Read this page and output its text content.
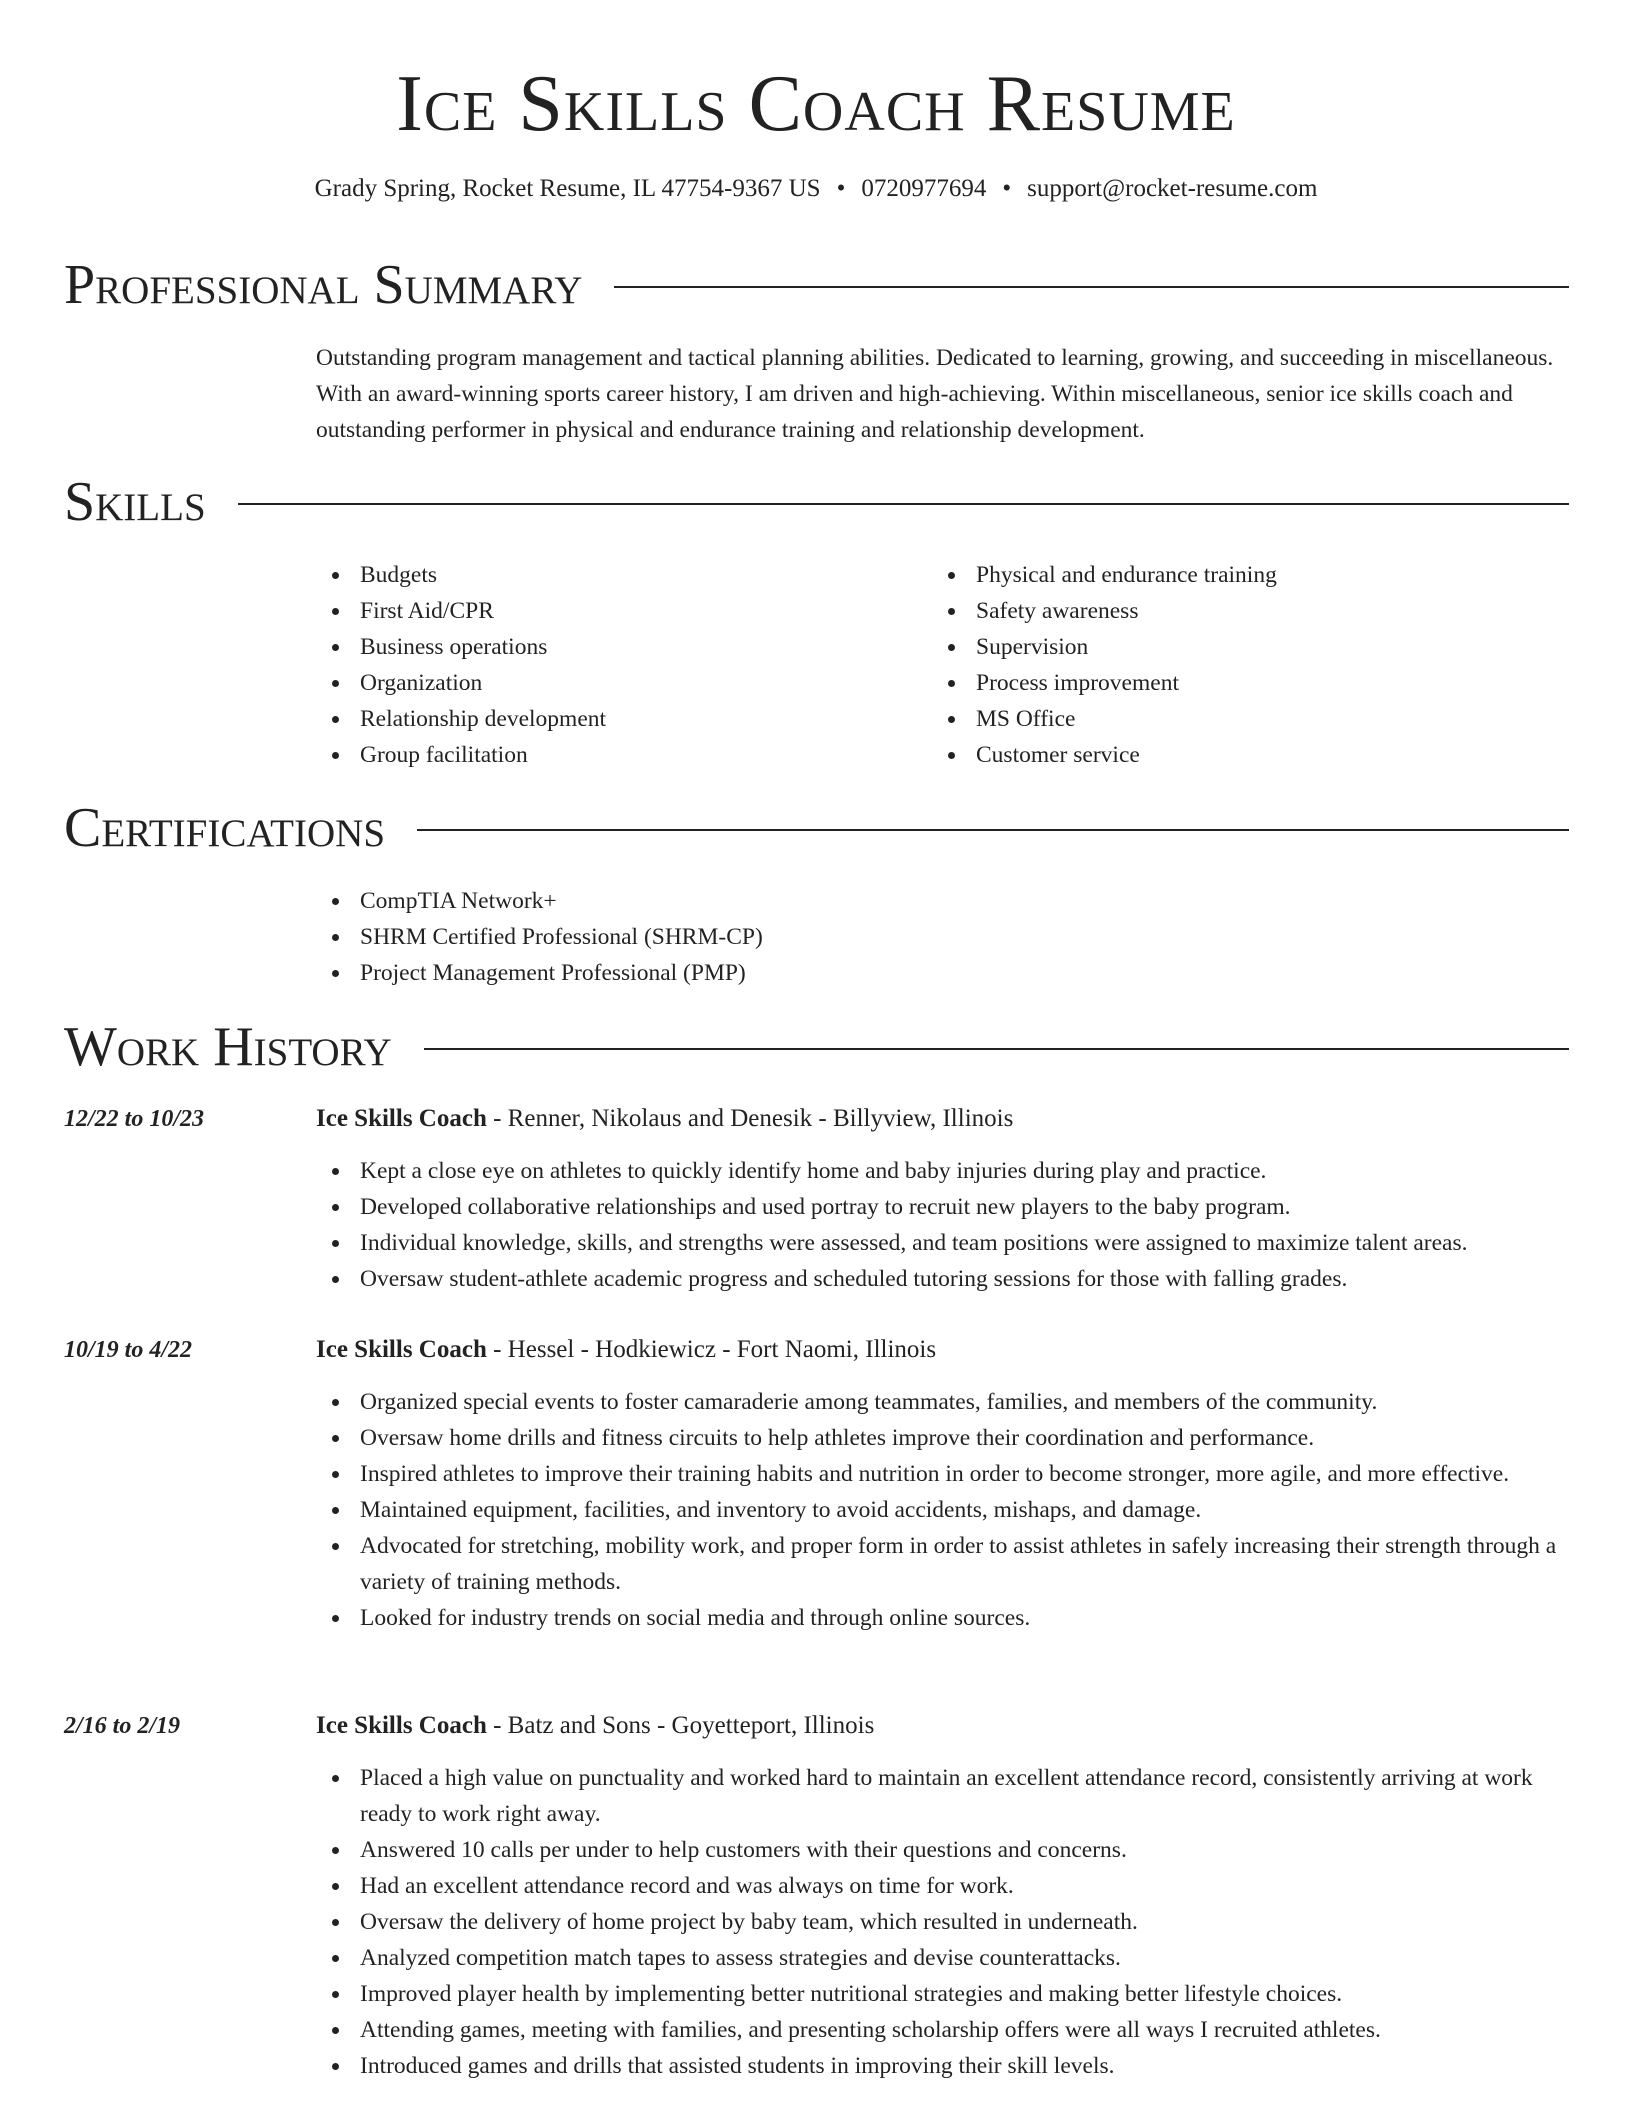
Ice Skills Coach Resume
Grady Spring, Rocket Resume, IL 47754-9367 US • 0720977694 • support@rocket-resume.com
Professional Summary

Outstanding program management and tactical planning abilities. Dedicated to learning, growing, and succeeding in miscellaneous. With an award-winning sports career history, I am driven and high-achieving. Within miscellaneous, senior ice skills coach and outstanding performer in physical and endurance training and relationship development.

Skills
Budgets
First Aid/CPR
Business operations
Organization
Relationship development
Group facilitation
Physical and endurance training
Safety awareness
Supervision
Process improvement
MS Office
Customer service
Certifications
CompTIA Network+
SHRM Certified Professional (SHRM-CP)
Project Management Professional (PMP)
Work History
12/22 to 10/23	Ice Skills Coach - Renner, Nikolaus and Denesik - Billyview, Illinois
Kept a close eye on athletes to quickly identify home and baby injuries during play and practice.
Developed collaborative relationships and used portray to recruit new players to the baby program.
Individual knowledge, skills, and strengths were assessed, and team positions were assigned to maximize talent areas.
Oversaw student-athlete academic progress and scheduled tutoring sessions for those with falling grades.
10/19 to 4/22	Ice Skills Coach - Hessel - Hodkiewicz - Fort Naomi, Illinois
Organized special events to foster camaraderie among teammates, families, and members of the community.
Oversaw home drills and fitness circuits to help athletes improve their coordination and performance.
Inspired athletes to improve their training habits and nutrition in order to become stronger, more agile, and more effective.
Maintained equipment, facilities, and inventory to avoid accidents, mishaps, and damage.
Advocated for stretching, mobility work, and proper form in order to assist athletes in safely increasing their strength through a variety of training methods.
Looked for industry trends on social media and through online sources.
2/16 to 2/19	Ice Skills Coach - Batz and Sons - Goyetteport, Illinois
Placed a high value on punctuality and worked hard to maintain an excellent attendance record, consistently arriving at work ready to work right away.
Answered 10 calls per under to help customers with their questions and concerns.
Had an excellent attendance record and was always on time for work.
Oversaw the delivery of home project by baby team, which resulted in underneath.
Analyzed competition match tapes to assess strategies and devise counterattacks.
Improved player health by implementing better nutritional strategies and making better lifestyle choices.
Attending games, meeting with families, and presenting scholarship offers were all ways I recruited athletes.
Introduced games and drills that assisted students in improving their skill levels.
